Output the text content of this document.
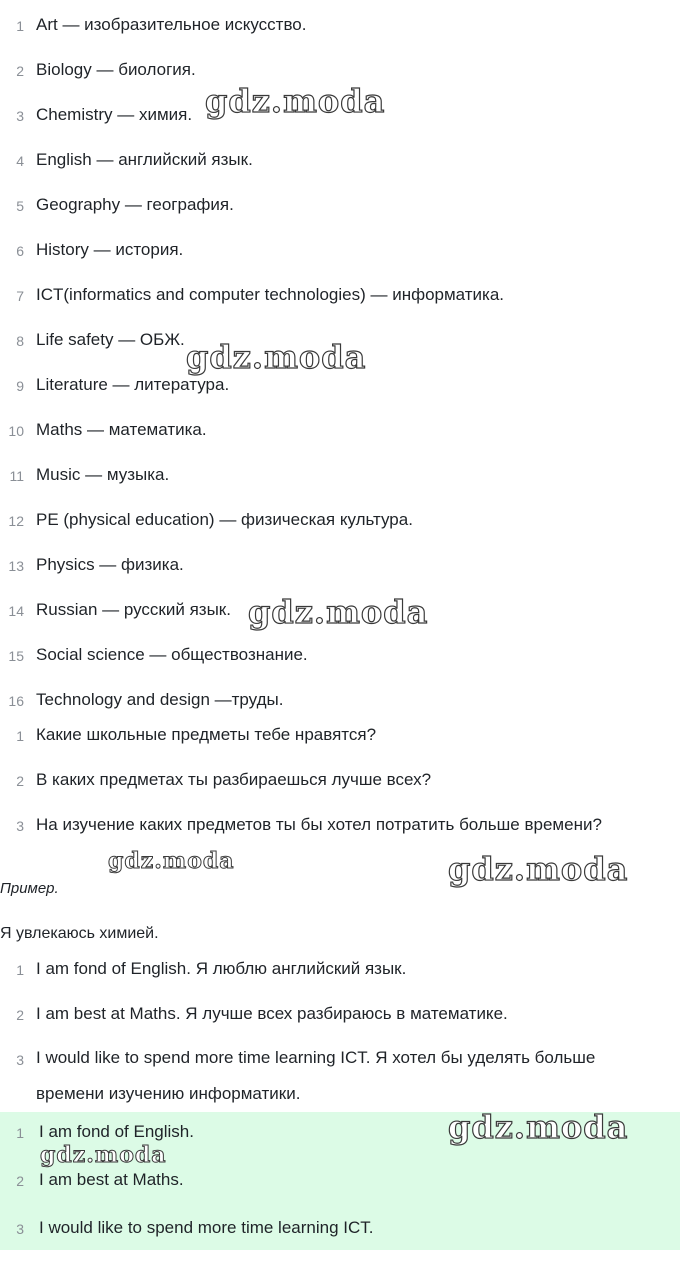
1 Art — изобразительное искусство.
2 Biology — биология.
3 Chemistry — химия.
4 English — английский язык.
5 Geography — география.
6 History — история.
7 ICT(informatics and computer technologies) — информатика.
8 Life safety — ОБЖ.
9 Literature — литература.
10 Maths — математика.
11 Music — музыка.
12 PE (physical education) — физическая культура.
13 Physics — физика.
14 Russian — русский язык.
15 Social science — обществознание.
16 Technology and design —труды.
1 Какие школьные предметы тебе нравятся?
2 В каких предметах ты разбираешься лучше всех?
3 На изучение каких предметов ты бы хотел потратить больше времени?
Пример.
Я увлекаюсь химией.
1 I am fond of English. Я люблю английский язык.
2 I am best at Maths. Я лучше всех разбираюсь в математике.
3 I would like to spend more time learning ICT. Я хотел бы уделять больше времени изучению информатики.
1 I am fond of English.
2 I am best at Maths.
3 I would like to spend more time learning ICT.
gdz.moda
gdz.moda
gdz.moda
gdz.moda	gdz.moda
gdz.moda
gdz.moda
